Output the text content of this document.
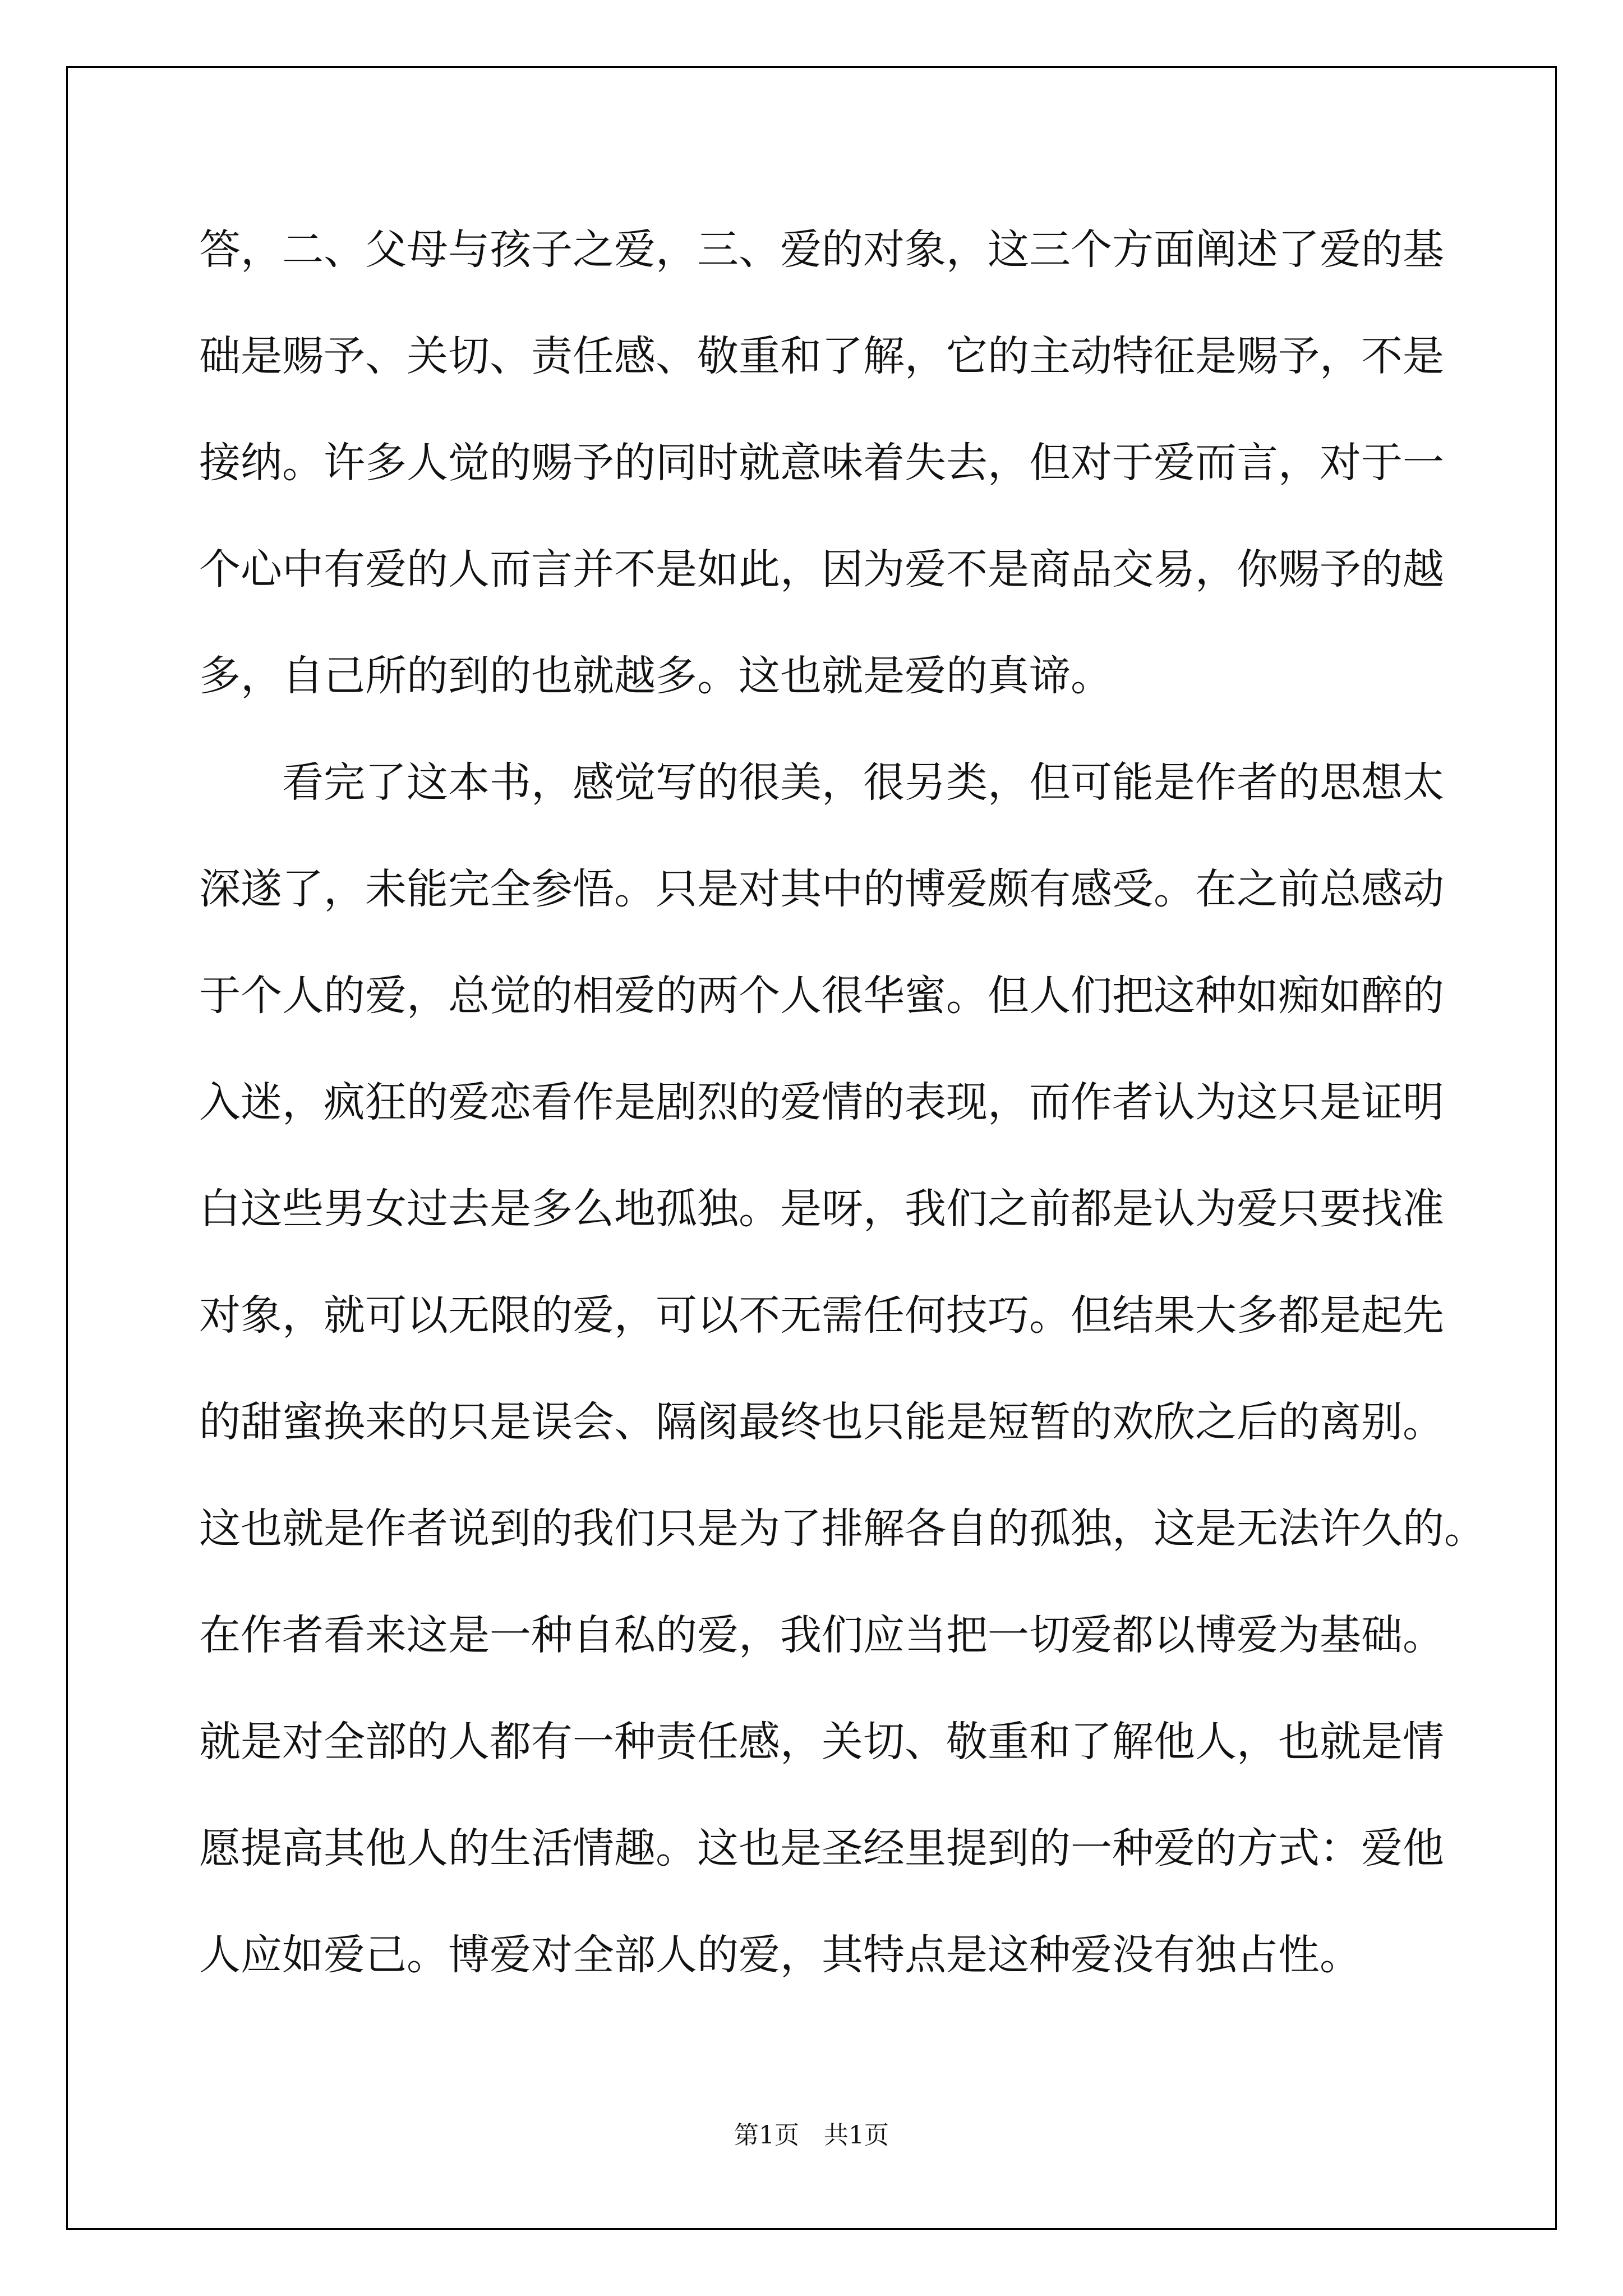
答，二、父母与孩子之爱，三、爱的对象，这三个方面阐述了爱的基

础是赐予、关切、责任感、敬重和了解，它的主动特征是赐予，不是

接纳。许多人觉的赐予的同时就意味着失去，但对于爱而言，对于一

个心中有爱的人而言并不是如此，因为爱不是商品交易，你赐予的越

多，自己所的到的也就越多。这也就是爱的真谛。

看完了这本书，感觉写的很美，很另类，但可能是作者的思想太

深遂了，未能完全参悟。只是对其中的博爱颇有感受。在之前总感动

于个人的爱，总觉的相爱的两个人很华蜜。但人们把这种如痴如醉的

入迷，疯狂的爱恋看作是剧烈的爱情的表现，而作者认为这只是证明

白这些男女过去是多么地孤独。是呀，我们之前都是认为爱只要找准

对象，就可以无限的爱，可以不无需任何技巧。但结果大多都是起先

的甜蜜换来的只是误会、隔阂最终也只能是短暂的欢欣之后的离别。

这也就是作者说到的我们只是为了排解各自的孤独，这是无法许久的。

在作者看来这是一种自私的爱，我们应当把一切爱都以博爱为基础。

就是对全部的人都有一种责任感，关切、敬重和了解他人，也就是情

愿提高其他人的生活情趣。这也是圣经里提到的一种爱的方式：爱他

人应如爱己。博爱对全部人的爱，其特点是这种爱没有独占性。

第1页　共1页
